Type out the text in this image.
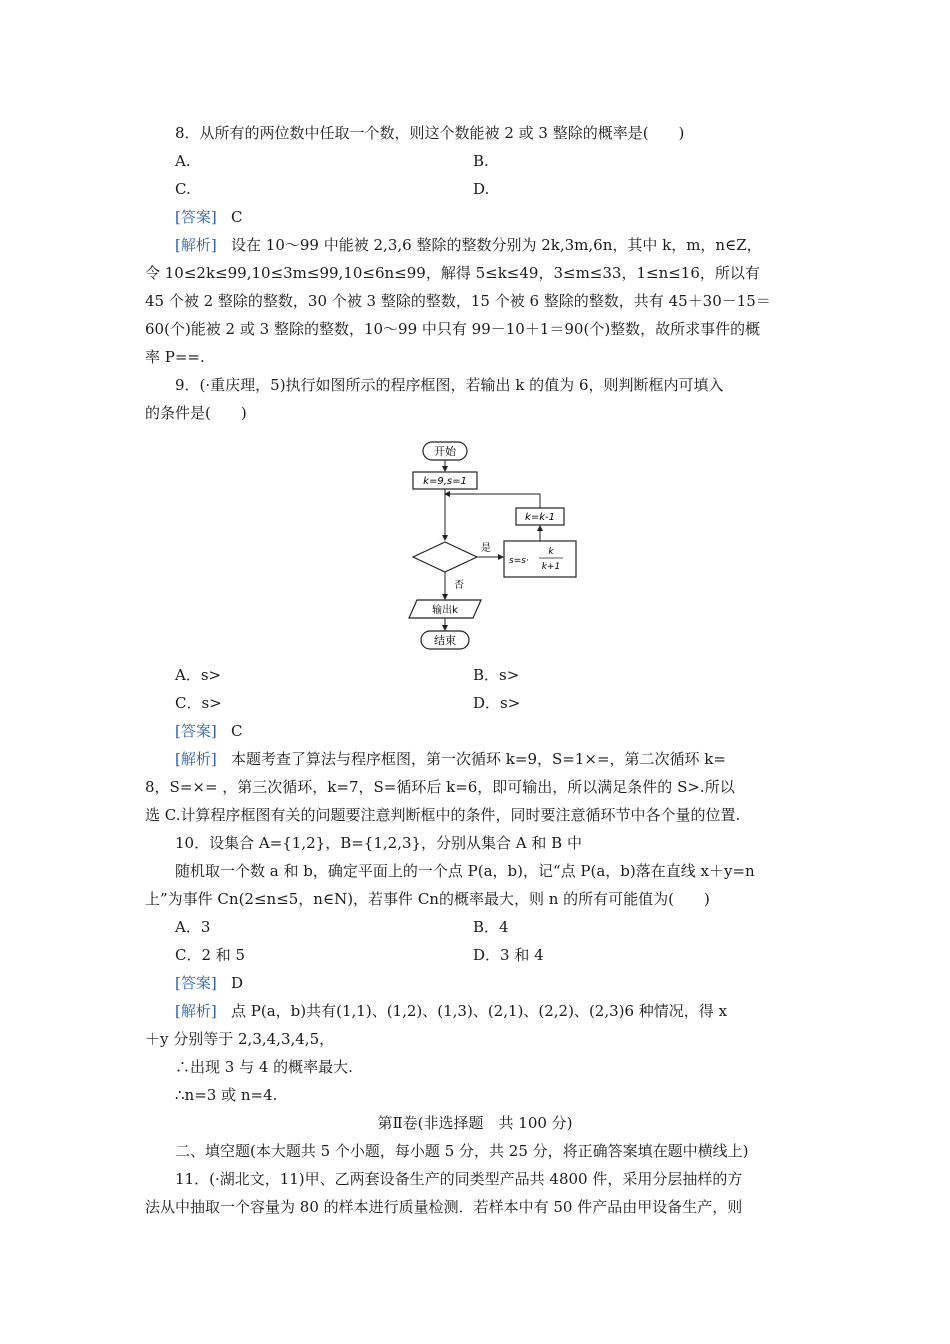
8．从所有的两位数中任取一个数，则这个数能被 2 或 3 整除的概率是(　　)
A.	B.
C.	D.
[答案] C
[解析] 设在 10～99 中能被 2,3,6 整除的整数分别为 2k,3m,6n，其中 k，m，n∈Z，
令 10≤2k≤99,10≤3m≤99,10≤6n≤99，解得 5≤k≤49，3≤m≤33，1≤n≤16，所以有
45 个被 2 整除的整数，30 个被 3 整除的整数，15 个被 6 整除的整数，共有 45＋30－15＝
60(个)能被 2 或 3 整除的整数，10～99 中只有 99－10＋1＝90(个)整数，故所求事件的概
率 P==.
9．(·重庆理，5)执行如图所示的程序框图，若输出 k 的值为 6，则判断框内可填入
的条件是(　　)
开始
k=9,s=1
是
s=s·
k
k+1
k=k-1
否
输出k
结束
A．s>	B．s>
C．s>	D．s>
[答案] C
[解析] 本题考查了算法与程序框图，第一次循环 k=9，S=1×=，第二次循环 k=
8，S=×= ，第三次循环，k=7，S=循环后 k=6，即可输出，所以满足条件的 S>.所以
选 C.计算程序框图有关的问题要注意判断框中的条件，同时要注意循环节中各个量的位置.
10．设集合 A={1,2}，B={1,2,3}，分别从集合 A 和 B 中
随机取一个数 a 和 b，确定平面上的一个点 P(a，b)，记“点 P(a，b)落在直线 x＋y=n
上”为事件 Cn(2≤n≤5，n∈N)，若事件 Cn的概率最大，则 n 的所有可能值为(　　)
A．3	B．4
C．2 和 5	D．3 和 4
[答案] D
[解析] 点 P(a，b)共有(1,1)、(1,2)、(1,3)、(2,1)、(2,2)、(2,3)6 种情况，得 x
＋y 分别等于 2,3,4,3,4,5，
∴出现 3 与 4 的概率最大.
∴n=3 或 n=4.
第Ⅱ卷(非选择题　共 100 分)
二、填空题(本大题共 5 个小题，每小题 5 分，共 25 分，将正确答案填在题中横线上)
11．(·湖北文，11)甲、乙两套设备生产的同类型产品共 4800 件，采用分层抽样的方
法从中抽取一个容量为 80 的样本进行质量检测．若样本中有 50 件产品由甲设备生产，则
